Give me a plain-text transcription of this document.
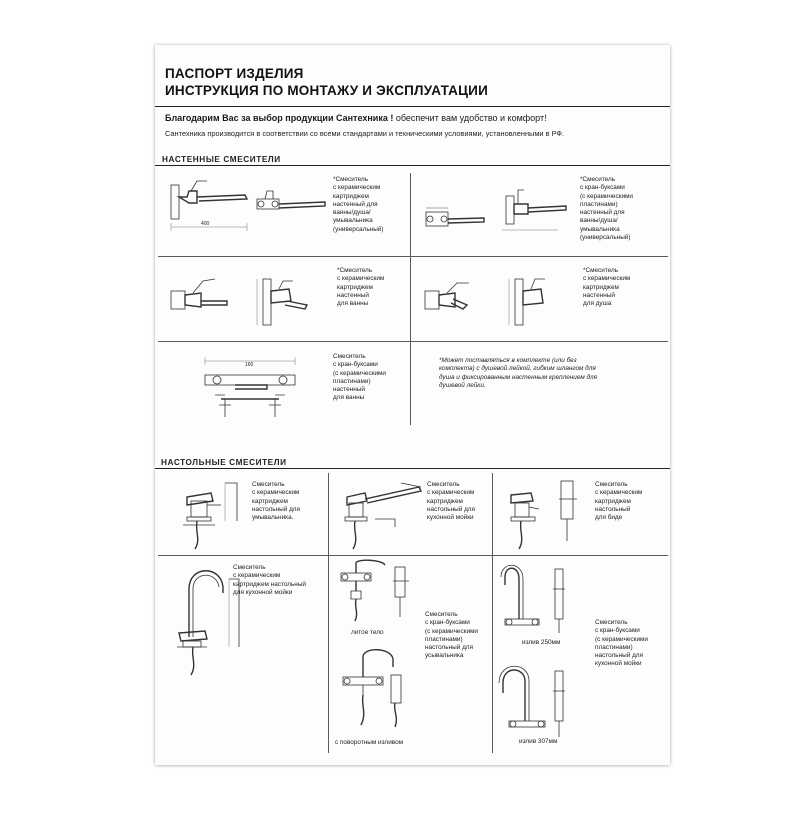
ПАСПОРТ ИЗДЕЛИЯ
ИНСТРУКЦИЯ ПО МОНТАЖУ И ЭКСПЛУАТАЦИИ
Благодарим Вас за выбор продукции Сантехника ! обеспечит вам удобство и комфорт!
Сантехника производится в соответствии со всеми стандартами и техническими условиями, установленными в РФ.
НАСТЕННЫЕ СМЕСИТЕЛИ
400
*Смеситель
с керамическим
картриджем
настенный для
ванны/душа/
умывальника
(универсальный)
*Смеситель
с кран-буксами
(с керамическими
пластинами)
настенный для
ванны/душа/
умывальника
(универсальный)
*Смеситель
с керамическим
картриджем
настенный
для ванны
*Смеситель
с керамическим
картриджем
настенный
для душа
160
Смеситель
с кран-буксами
(с керамическими
пластинами)
настенный
для ванны
*Может поставляться в комплекте (или без
комплекта) с душевой лейкой, гибким шлангом для
душа и фиксированным настенным креплением для
душевой лейки.
НАСТОЛЬНЫЕ СМЕСИТЕЛИ
Смеситель
с керамическим
картриджем
настольный для
умывальника.
Смеситель
с керамическим
картриджем
настольный для
кухонной мойки
Смеситель
с керамическим
картриджем
настольный
для биде
Смеситель
с керамическим
картриджем настольный
для кухонной мойки
литое тело
с поворотным изливом
Смеситель
с кран-буксами
(с керамическими
пластинами)
настольный для
усывальника
излив 250мм
излив 307мм
Смеситель
с кран-буксами
(с керамическими
пластинами)
настольный для
кухонной мойки
